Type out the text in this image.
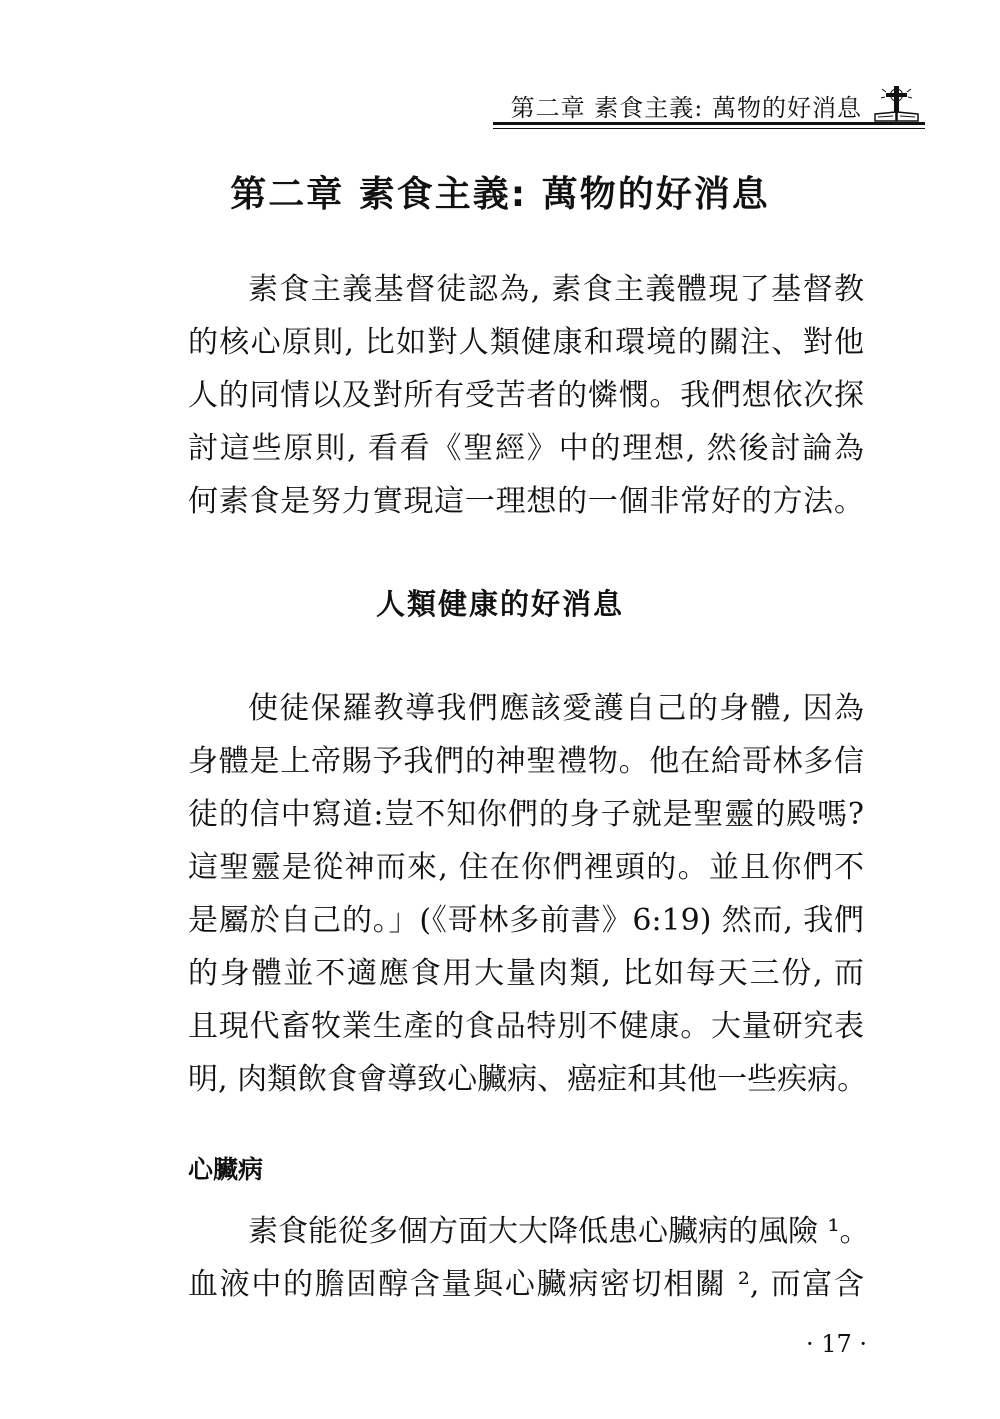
第二章 素食主義: 萬物的好消息
第二章 素食主義: 萬物的好消息
素食主義基督徒認為, 素食主義體現了基督教
的核心原則, 比如對人類健康和環境的關注、對他
人的同情以及對所有受苦者的憐憫。我們想依次探
討這些原則, 看看《聖經》中的理想, 然後討論為
何素食是努力實現這一理想的一個非常好的方法。
人類健康的好消息
使徒保羅教導我們應該愛護自己的身體, 因為
身體是上帝賜予我們的神聖禮物。他在給哥林多信
徒的信中寫道:豈不知你們的身子就是聖靈的殿嗎?
這聖靈是從神而來, 住在你們裡頭的。並且你們不
是屬於自己的。」(《哥林多前書》6:19) 然而, 我們
的身體並不適應食用大量肉類, 比如每天三份, 而
且現代畜牧業生產的食品特別不健康。大量研究表
明, 肉類飲食會導致心臟病、癌症和其他一些疾病。
心臟病
素食能從多個方面大大降低患心臟病的風險 ¹。
血液中的膽固醇含量與心臟病密切相關 ², 而富含
· 17 ·
